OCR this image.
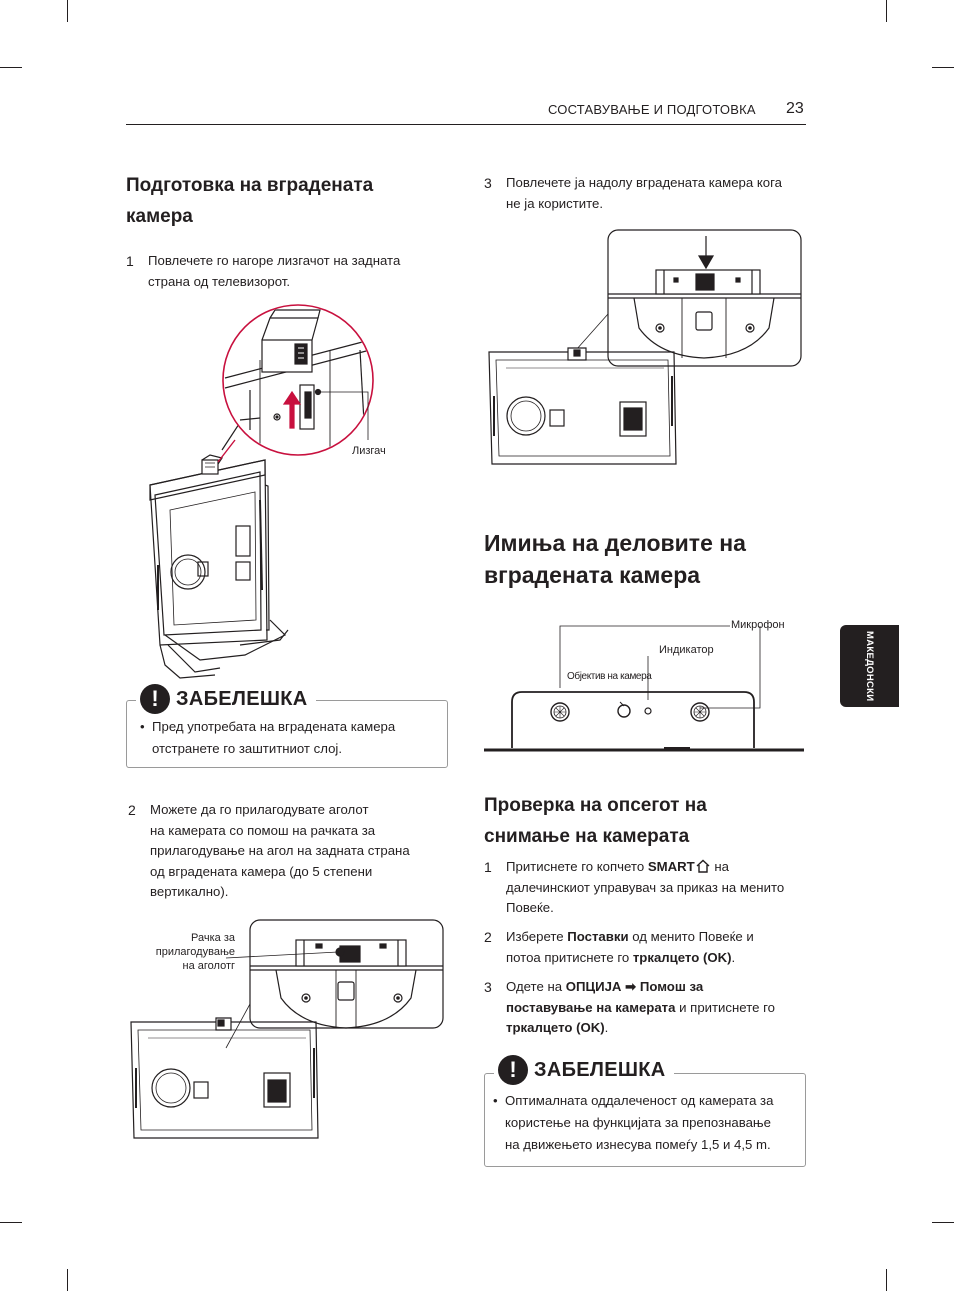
СОСТАВУВАЊЕ И ПОДГОТОВКА 23
МАКЕДОНСКИ
Подготовка на вградената
камера
1 Повлечете го нагоре лизгачот на задната
страна од телевизорот.
Лизгач
! ЗАБЕЛЕШКА
• Пред употребата на вградената камера
отстранете го заштитниот слој.
2 Можете да го прилагодувате аголот
на камерата со помош на рачката за
прилагодување на агол на задната страна
од вградената камера (до 5 степени
вертикално).
Рачка за
прилагодување
на аголотг
3 Повлечете ја надолу вградената камера кога
не ја користите.
Имиња на деловите на
вградената камера
Микрофон
Индикатор
Објектив на камера
Проверка на опсегот на
снимање на камерата
1 Притиснете го копчето SMART на
далечинскиот управувач за приказ на менито
Повеќе.
2 Изберете Поставки од менито Повеќе и
потоа притиснете го тркалцето (OK).
3 Одете на ОПЦИЈА ➡ Помош за
поставување на камерата и притиснете го
тркалцето (OK).
! ЗАБЕЛЕШКА
• Оптималната оддалеченост од камерата за
користење на функцијата за препознавање
на движењето изнесува помеѓу 1,5 и 4,5 m.
